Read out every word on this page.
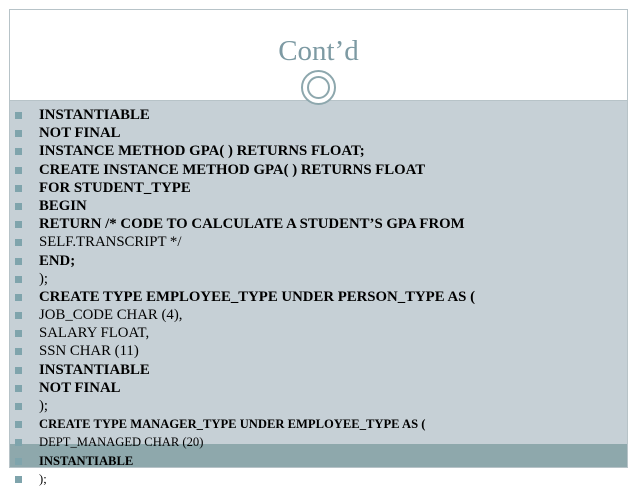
Cont’d
INSTANTIABLE
NOT FINAL
INSTANCE METHOD GPA( ) RETURNS FLOAT;
CREATE INSTANCE METHOD GPA( ) RETURNS FLOAT
FOR STUDENT_TYPE
BEGIN
RETURN /* CODE TO CALCULATE A STUDENT’S GPA FROM
SELF.TRANSCRIPT */
END;
);
CREATE TYPE EMPLOYEE_TYPE UNDER PERSON_TYPE AS (
JOB_CODE CHAR (4),
SALARY FLOAT,
SSN CHAR (11)
INSTANTIABLE
NOT FINAL
);
CREATE TYPE MANAGER_TYPE UNDER EMPLOYEE_TYPE AS (
DEPT_MANAGED CHAR (20)
INSTANTIABLE
);
